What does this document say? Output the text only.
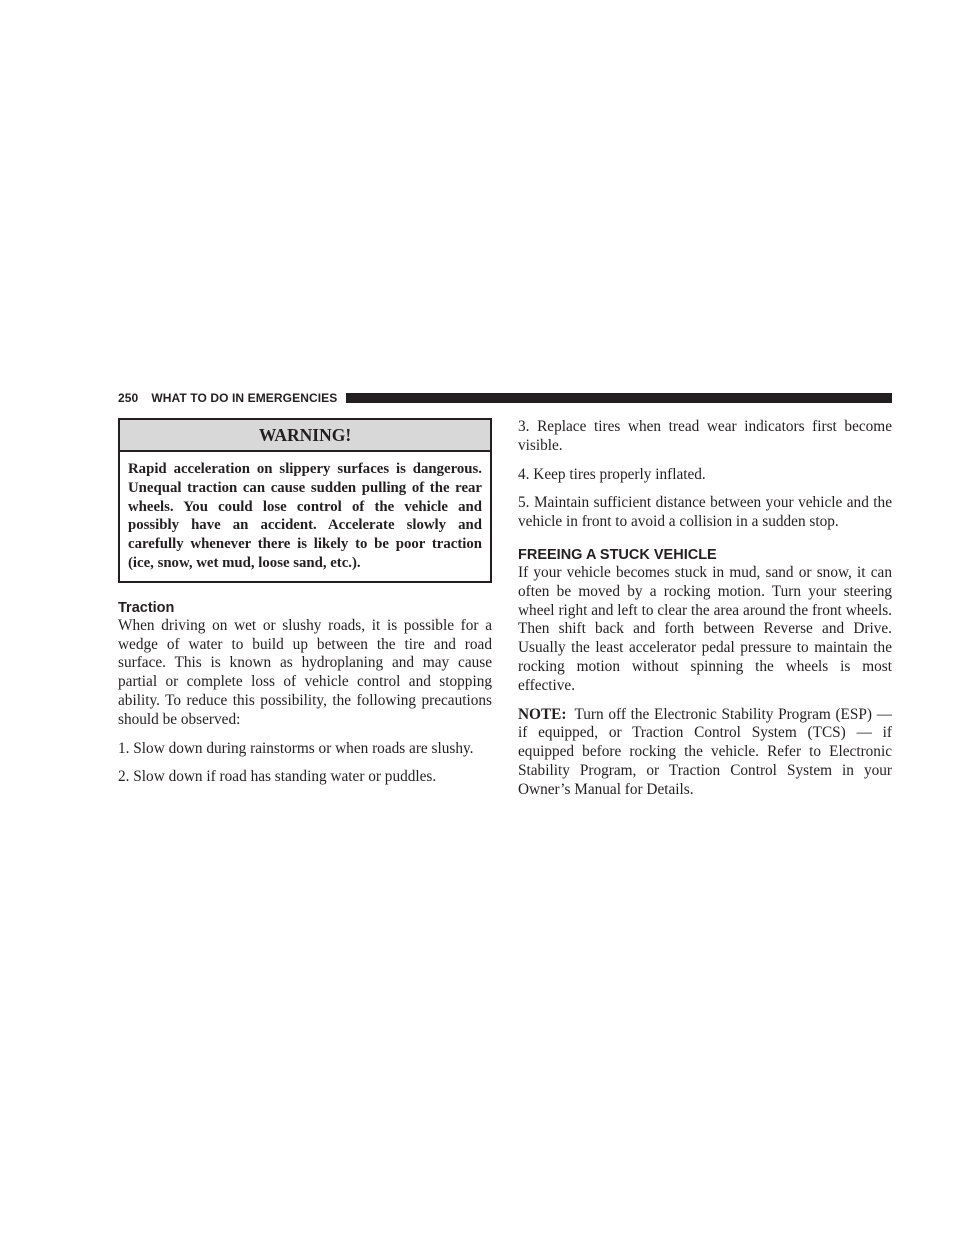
250 WHAT TO DO IN EMERGENCIES
WARNING!

Rapid acceleration on slippery surfaces is dangerous. Unequal traction can cause sudden pulling of the rear wheels. You could lose control of the vehicle and possibly have an accident. Accelerate slowly and carefully whenever there is likely to be poor traction (ice, snow, wet mud, loose sand, etc.).

Traction

When driving on wet or slushy roads, it is possible for a wedge of water to build up between the tire and road surface. This is known as hydroplaning and may cause partial or complete loss of vehicle control and stopping ability. To reduce this possibility, the following precautions should be observed:

1. Slow down during rainstorms or when roads are slushy.

2. Slow down if road has standing water or puddles.

3. Replace tires when tread wear indicators first become visible.

4. Keep tires properly inflated.

5. Maintain sufficient distance between your vehicle and the vehicle in front to avoid a collision in a sudden stop.

FREEING A STUCK VEHICLE

If your vehicle becomes stuck in mud, sand or snow, it can often be moved by a rocking motion. Turn your steering wheel right and left to clear the area around the front wheels. Then shift back and forth between Reverse and Drive. Usually the least accelerator pedal pressure to maintain the rocking motion without spinning the wheels is most effective.

NOTE: Turn off the Electronic Stability Program (ESP) — if equipped, or Traction Control System (TCS) — if equipped before rocking the vehicle. Refer to Electronic Stability Program, or Traction Control System in your Owner’s Manual for Details.
